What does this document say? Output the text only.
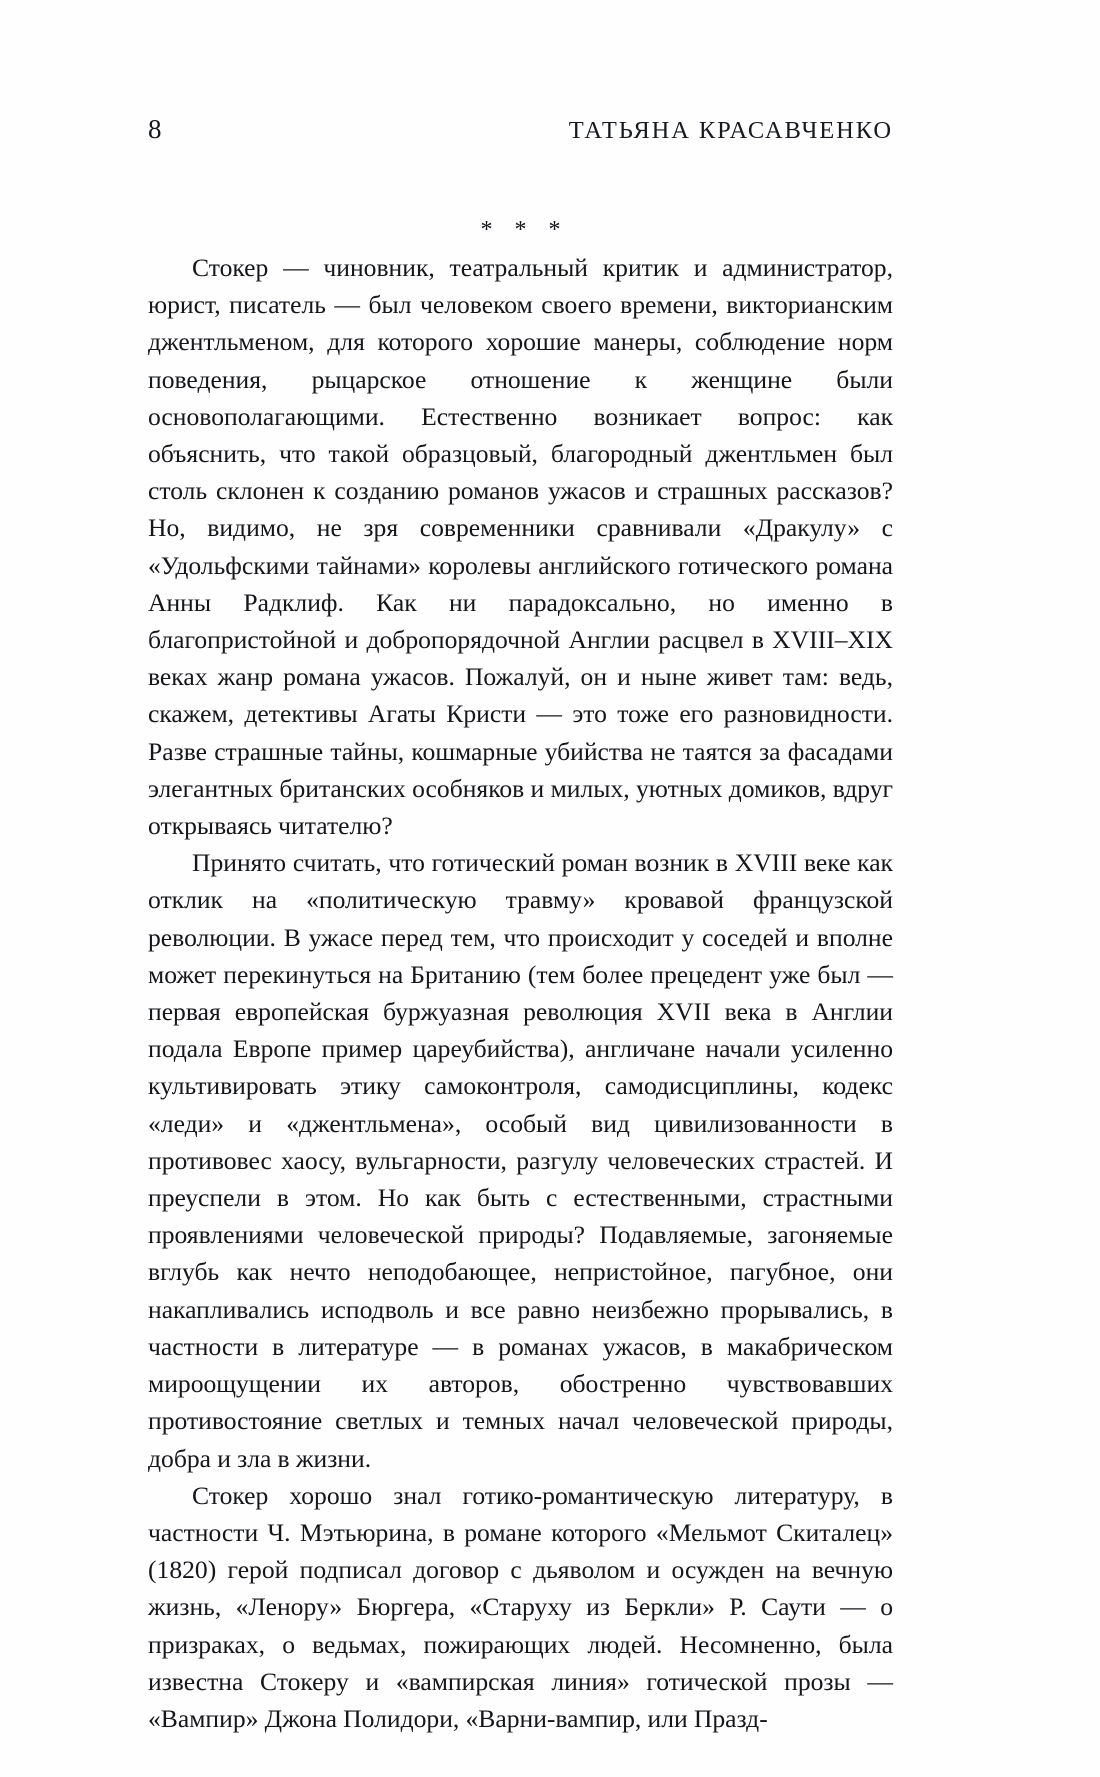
8	ТАТЬЯНА КРАСАВЧЕНКО
* * *

Стокер — чиновник, театральный критик и администратор, юрист, писатель — был человеком своего времени, викторианским джентльменом, для которого хорошие манеры, соблюдение норм поведения, рыцарское отношение к женщине были основополагающими. Естественно возникает вопрос: как объяснить, что такой образцовый, благородный джентльмен был столь склонен к созданию романов ужасов и страшных рассказов? Но, видимо, не зря современники сравнивали «Дракулу» с «Удольфскими тайнами» королевы английского готического романа Анны Радклиф. Как ни парадоксально, но именно в благопристойной и добропорядочной Англии расцвел в XVIII–XIX веках жанр романа ужасов. Пожалуй, он и ныне живет там: ведь, скажем, детективы Агаты Кристи — это тоже его разновидности. Разве страшные тайны, кошмарные убийства не таятся за фасадами элегантных британских особняков и милых, уютных домиков, вдруг открываясь читателю?

Принято считать, что готический роман возник в XVIII веке как отклик на «политическую травму» кровавой французской революции. В ужасе перед тем, что происходит у соседей и вполне может перекинуться на Британию (тем более прецедент уже был — первая европейская буржуазная революция XVII века в Англии подала Европе пример цареубийства), англичане начали усиленно культивировать этику самоконтроля, самодисциплины, кодекс «леди» и «джентльмена», особый вид цивилизованности в противовес хаосу, вульгарности, разгулу человеческих страстей. И преуспели в этом. Но как быть с естественными, страстными проявлениями человеческой природы? Подавляемые, загоняемые вглубь как нечто неподобающее, непристойное, пагубное, они накапливались исподволь и все равно неизбежно прорывались, в частности в литературе — в романах ужасов, в макабрическом мироощущении их авторов, обостренно чувствовавших противостояние светлых и темных начал человеческой природы, добра и зла в жизни.

Стокер хорошо знал готико-романтическую литературу, в частности Ч. Мэтьюрина, в романе которого «Мельмот Скиталец» (1820) герой подписал договор с дьяволом и осужден на вечную жизнь, «Ленору» Бюргера, «Старуху из Беркли» Р. Саути — о призраках, о ведьмах, пожирающих людей. Несомненно, была известна Стокеру и «вампирская линия» готической прозы — «Вампир» Джона Полидори, «Варни-вампир, или Празд-
